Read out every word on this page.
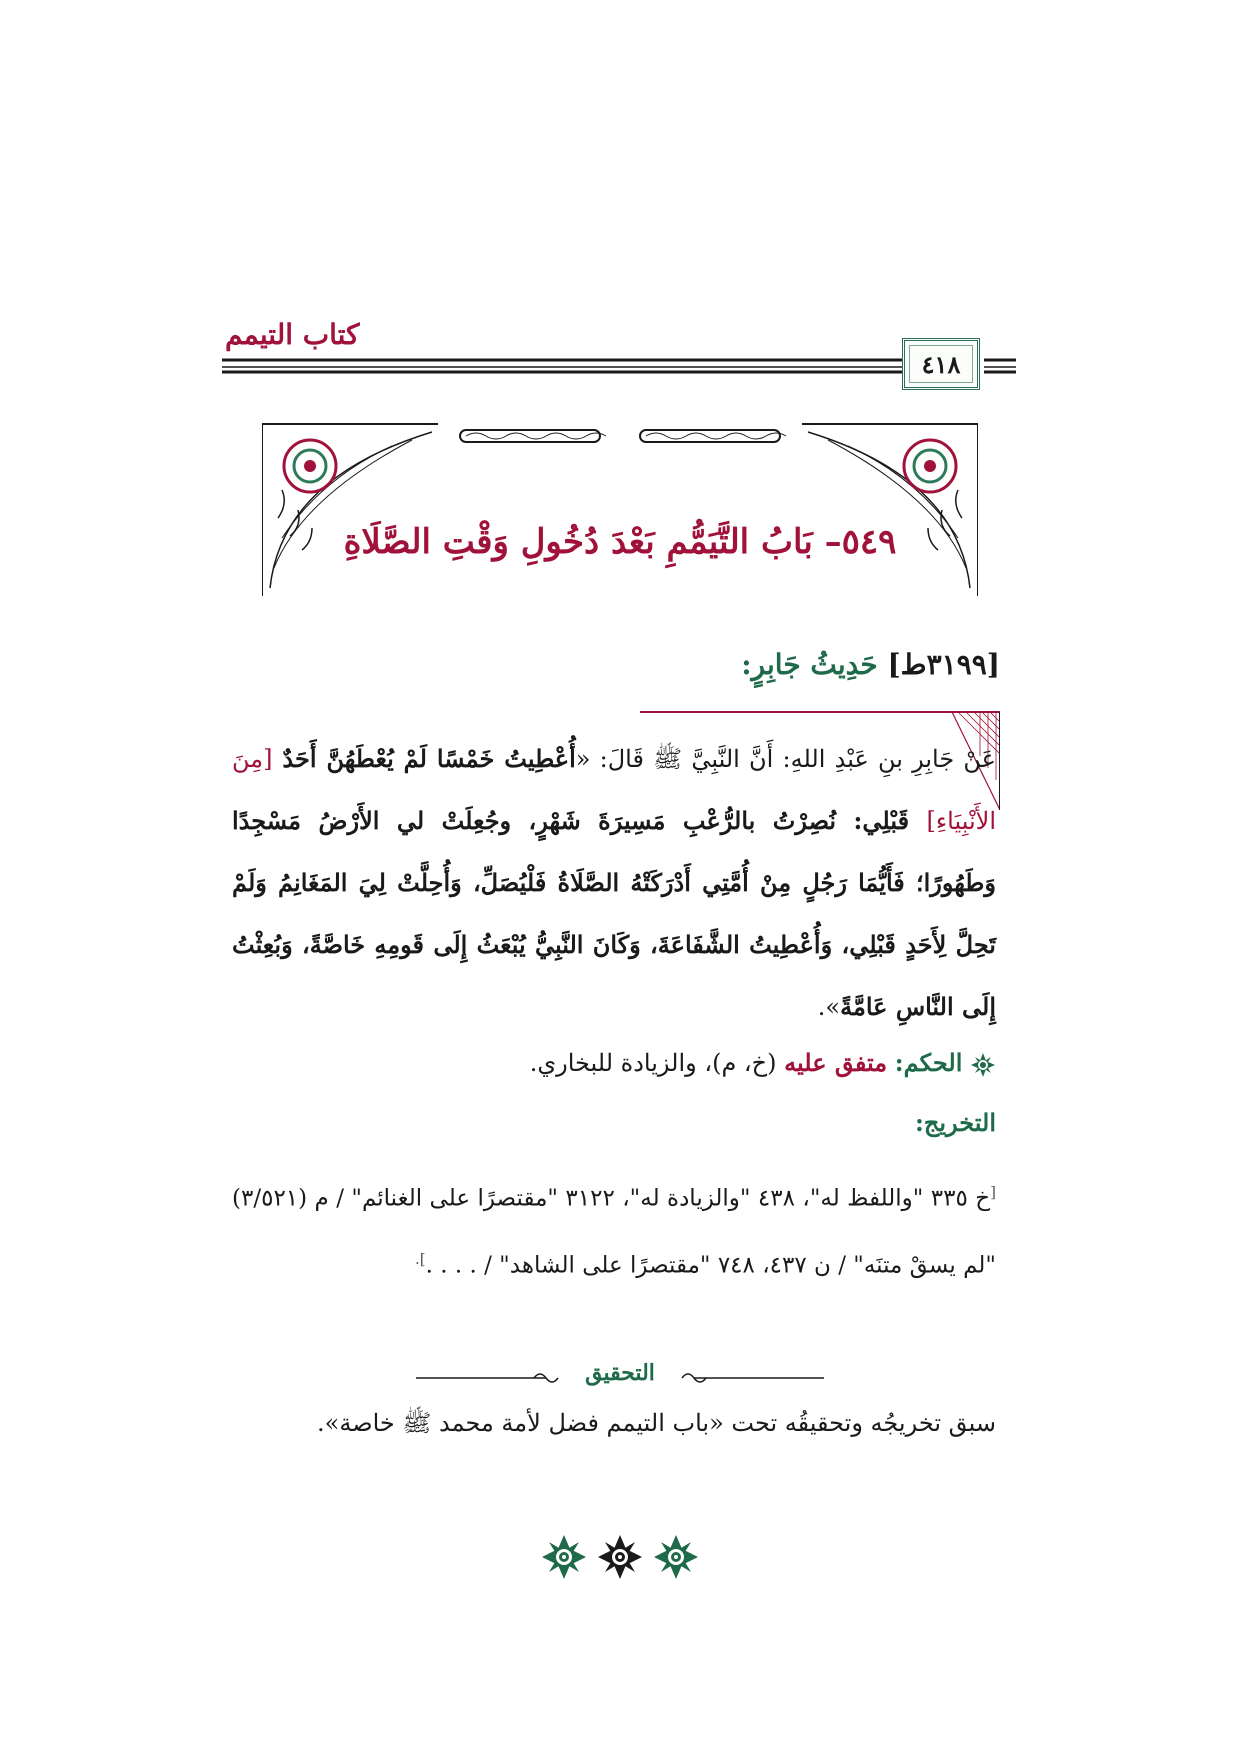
كتاب التيمم
٤١٨
٥٤٩– بَابُ التَّيَمُّمِ بَعْدَ دُخُولِ وَقْتِ الصَّلَاةِ
[٣١٩٩ط] حَدِيثُ جَابِرٍ:
عَنْ جَابِرِ بنِ عَبْدِ اللهِ: أَنَّ النَّبِيَّ ﷺ قَالَ: «أُعْطِيتُ خَمْسًا لَمْ يُعْطَهُنَّ أَحَدٌ [مِنَ الأَنْبِيَاءِ] قَبْلِي: نُصِرْتُ بالرُّعْبِ مَسِيرَةَ شَهْرٍ، وجُعِلَتْ لي الأَرْضُ مَسْجِدًا وَطَهُورًا؛ فَأَيُّمَا رَجُلٍ مِنْ أُمَّتِي أَدْرَكَتْهُ الصَّلَاةُ فَلْيُصَلِّ، وَأُحِلَّتْ لِيَ المَغَانِمُ وَلَمْ تَحِلَّ لِأَحَدٍ قَبْلِي، وَأُعْطِيتُ الشَّفَاعَةَ، وَكَانَ النَّبِيُّ يُبْعَثُ إِلَى قَومِهِ خَاصَّةً، وَبُعِثْتُ إِلَى النَّاسِ عَامَّةً».
الحكم: متفق عليه (خ، م)، والزيادة للبخاري.
التخريج:
[خ ٣٣٥ "واللفظ له"، ٤٣٨ "والزيادة له"، ٣١٢٢ "مقتصرًا على الغنائم" / م (٣/٥٢١) "لم يسقْ متنَه" / ن ٤٣٧، ٧٤٨ "مقتصرًا على الشاهد" / . . . .].
التحقيق
سبق تخريجُه وتحقيقُه تحت «باب التيمم فضل لأمة محمد ﷺ خاصة».
